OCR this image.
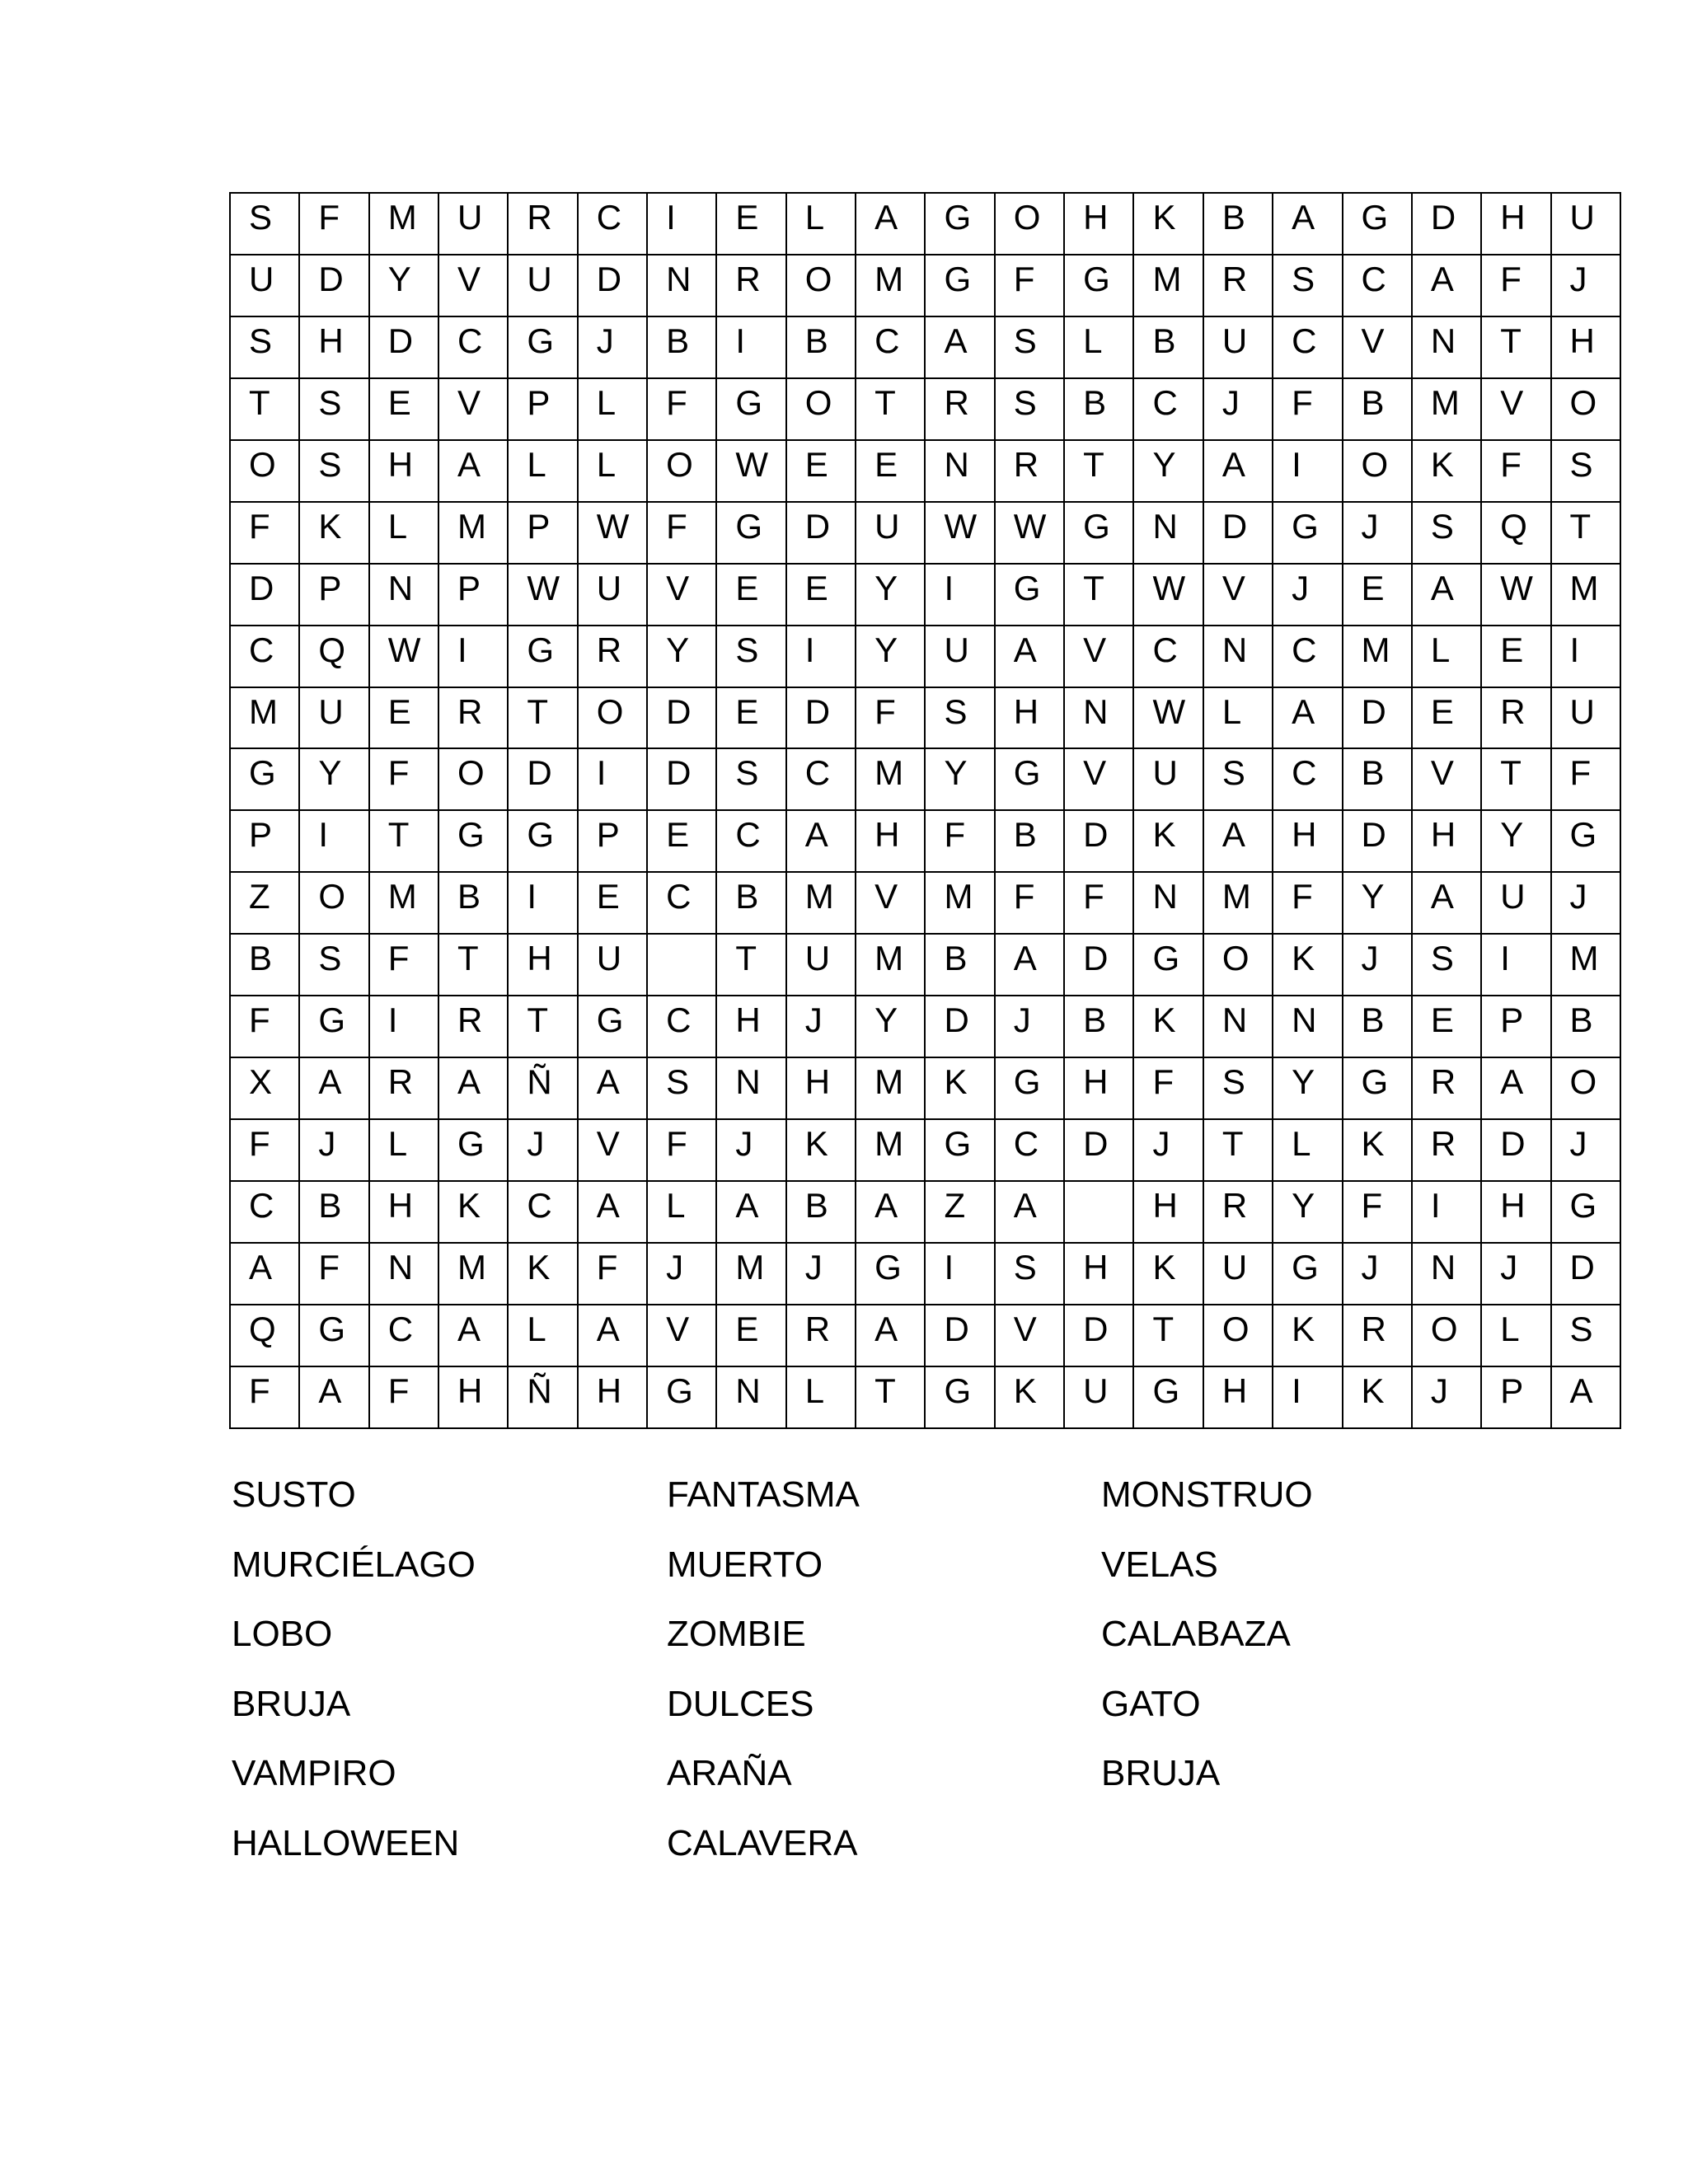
S	F	M	U	R	C	I	E	L	A	G	O	H	K	B	A	G	D	H	U
U	D	Y	V	U	D	N	R	O	M	G	F	G	M	R	S	C	A	F	J
S	H	D	C	G	J	B	I	B	C	A	S	L	B	U	C	V	N	T	H
T	S	E	V	P	L	F	G	O	T	R	S	B	C	J	F	B	M	V	O
O	S	H	A	L	L	O	W	E	E	N	R	T	Y	A	I	O	K	F	S
F	K	L	M	P	W	F	G	D	U	W	W	G	N	D	G	J	S	Q	T
D	P	N	P	W	U	V	E	E	Y	I	G	T	W	V	J	E	A	W	M
C	Q	W	I	G	R	Y	S	I	Y	U	A	V	C	N	C	M	L	E	I
M	U	E	R	T	O	D	E	D	F	S	H	N	W	L	A	D	E	R	U
G	Y	F	O	D	I	D	S	C	M	Y	G	V	U	S	C	B	V	T	F
P	I	T	G	G	P	E	C	A	H	F	B	D	K	A	H	D	H	Y	G
Z	O	M	B	I	E	C	B	M	V	M	F	F	N	M	F	Y	A	U	J
B	S	F	T	H	U		T	U	M	B	A	D	G	O	K	J	S	I	M
F	G	I	R	T	G	C	H	J	Y	D	J	B	K	N	N	B	E	P	B
X	A	R	A	Ñ	A	S	N	H	M	K	G	H	F	S	Y	G	R	A	O
F	J	L	G	J	V	F	J	K	M	G	C	D	J	T	L	K	R	D	J
C	B	H	K	C	A	L	A	B	A	Z	A		H	R	Y	F	I	H	G
A	F	N	M	K	F	J	M	J	G	I	S	H	K	U	G	J	N	J	D
Q	G	C	A	L	A	V	E	R	A	D	V	D	T	O	K	R	O	L	S
F	A	F	H	Ñ	H	G	N	L	T	G	K	U	G	H	I	K	J	P	A
SUSTO
MURCIÉLAGO
LOBO
BRUJA
VAMPIRO
HALLOWEEN
FANTASMA
MUERTO
ZOMBIE
DULCES
ARAÑA
CALAVERA
MONSTRUO
VELAS
CALABAZA
GATO
BRUJA
